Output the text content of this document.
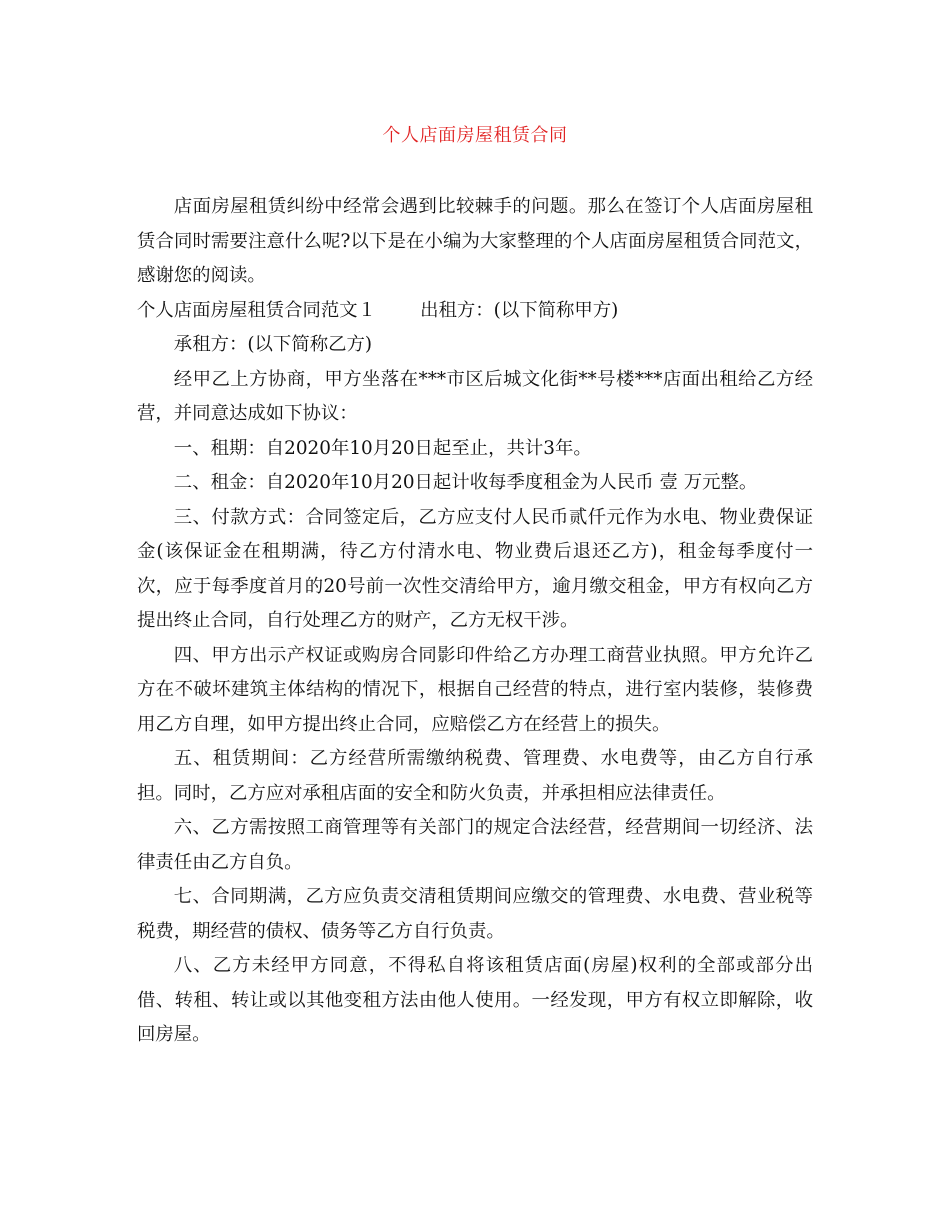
个人店面房屋租赁合同

店面房屋租赁纠纷中经常会遇到比较棘手的问题。那么在签订个人店面房屋租赁合同时需要注意什么呢?以下是在小编为大家整理的个人店面房屋租赁合同范文，感谢您的阅读。

个人店面房屋租赁合同范文１ 出租方：(以下简称甲方)

承租方：(以下简称乙方)

经甲乙上方协商，甲方坐落在***市区后城文化街**号楼***店面出租给乙方经营，并同意达成如下协议：

一、租期：自2020年10月20日起至止，共计3年。

二、租金：自2020年10月20日起计收每季度租金为人民币 壹 万元整。

三、付款方式：合同签定后，乙方应支付人民币贰仟元作为水电、物业费保证金(该保证金在租期满，待乙方付清水电、物业费后退还乙方)，租金每季度付一次，应于每季度首月的20号前一次性交清给甲方，逾月缴交租金，甲方有权向乙方提出终止合同，自行处理乙方的财产，乙方无权干涉。

四、甲方出示产权证或购房合同影印件给乙方办理工商营业执照。甲方允许乙方在不破坏建筑主体结构的情况下，根据自己经营的特点，进行室内装修，装修费用乙方自理，如甲方提出终止合同，应赔偿乙方在经营上的损失。

五、租赁期间：乙方经营所需缴纳税费、管理费、水电费等，由乙方自行承担。同时，乙方应对承租店面的安全和防火负责，并承担相应法律责任。

六、乙方需按照工商管理等有关部门的规定合法经营，经营期间一切经济、法律责任由乙方自负。

七、合同期满，乙方应负责交清租赁期间应缴交的管理费、水电费、营业税等税费，期经营的债权、债务等乙方自行负责。

八、乙方未经甲方同意，不得私自将该租赁店面(房屋)权利的全部或部分出借、转租、转让或以其他变租方法由他人使用。一经发现，甲方有权立即解除，收回房屋。
